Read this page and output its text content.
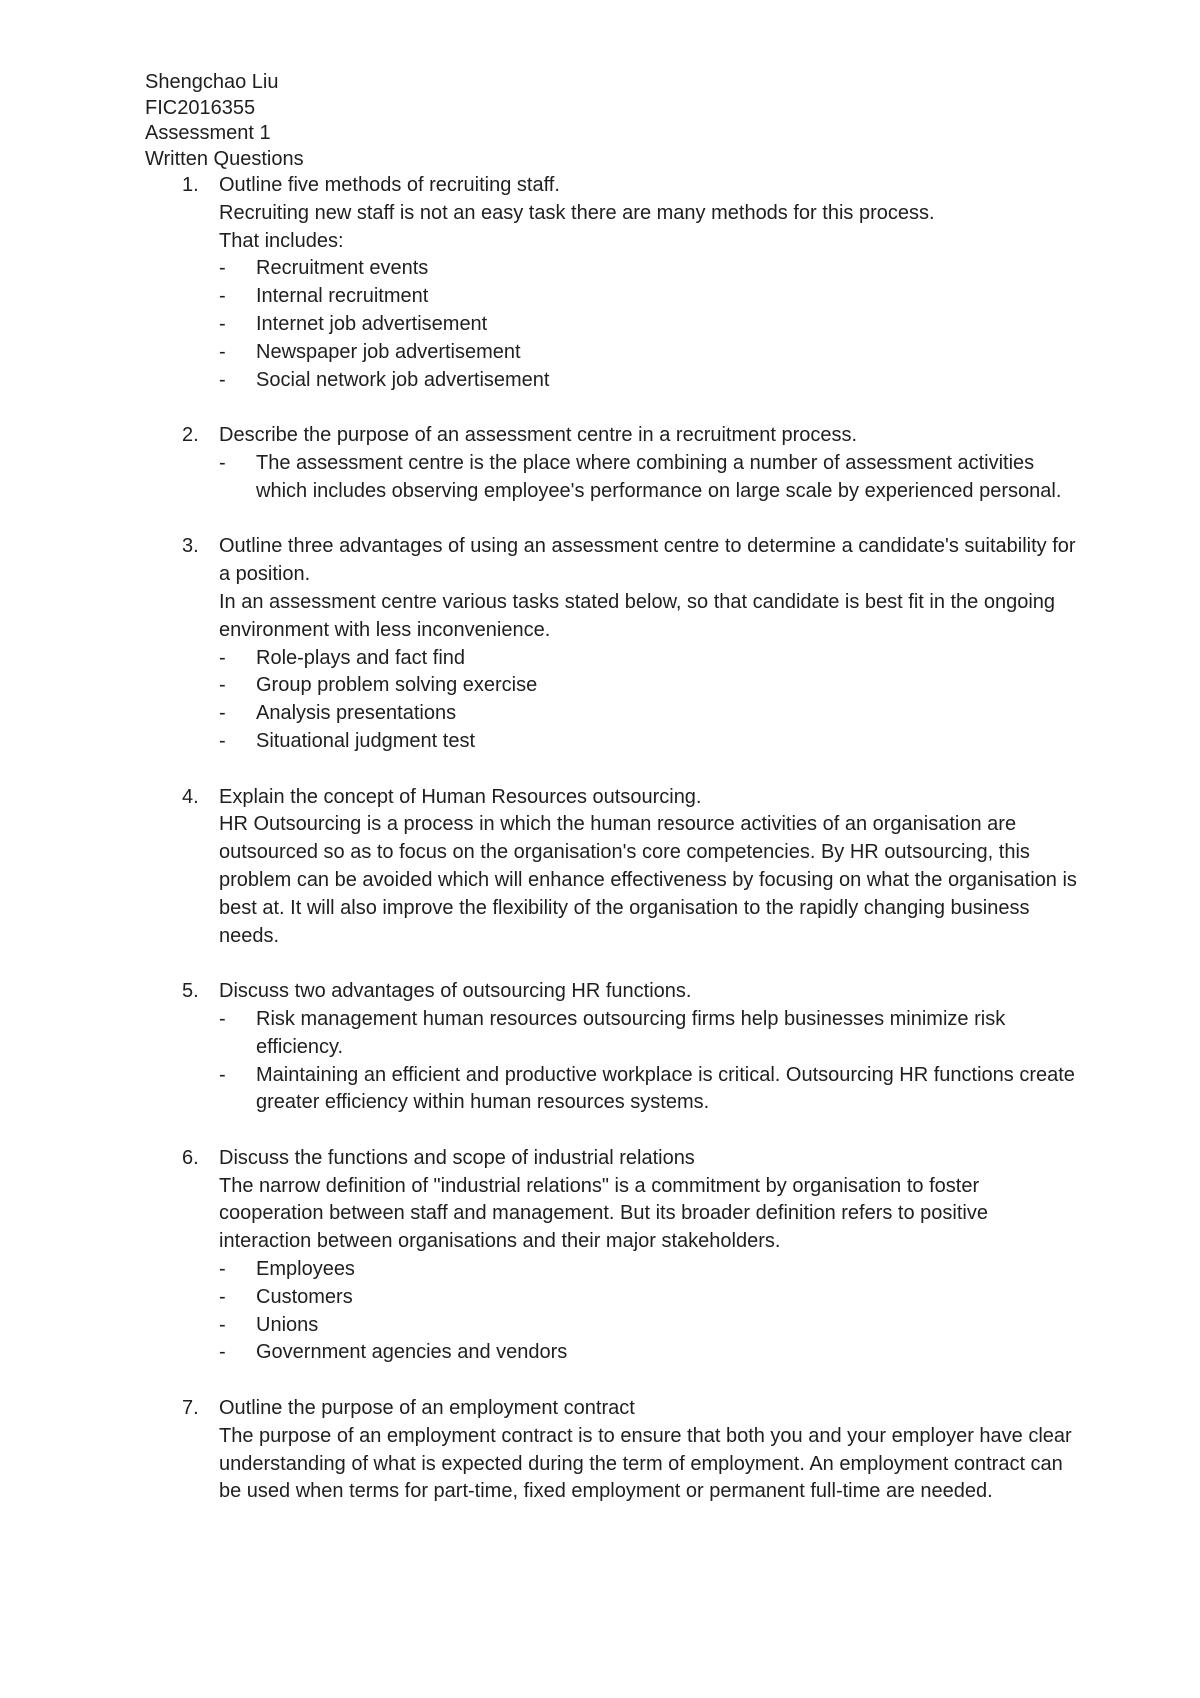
Shengchao Liu
FIC2016355
Assessment 1
Written Questions
1. Outline five methods of recruiting staff.
Recruiting new staff is not an easy task there are many methods for this process.
That includes:
- Recruitment events
- Internal recruitment
- Internet job advertisement
- Newspaper job advertisement
- Social network job advertisement
2. Describe the purpose of an assessment centre in a recruitment process.
- The assessment centre is the place where combining a number of assessment activities which includes observing employee's performance on large scale by experienced personal.
3. Outline three advantages of using an assessment centre to determine a candidate's suitability for a position.
In an assessment centre various tasks stated below, so that candidate is best fit in the ongoing environment with less inconvenience.
- Role-plays and fact find
- Group problem solving exercise
- Analysis presentations
- Situational judgment test
4. Explain the concept of Human Resources outsourcing.
HR Outsourcing is a process in which the human resource activities of an organisation are outsourced so as to focus on the organisation's core competencies. By HR outsourcing, this problem can be avoided which will enhance effectiveness by focusing on what the organisation is best at. It will also improve the flexibility of the organisation to the rapidly changing business needs.
5. Discuss two advantages of outsourcing HR functions.
- Risk management human resources outsourcing firms help businesses minimize risk efficiency.
- Maintaining an efficient and productive workplace is critical. Outsourcing HR functions create greater efficiency within human resources systems.
6. Discuss the functions and scope of industrial relations
The narrow definition of "industrial relations" is a commitment by organisation to foster cooperation between staff and management. But its broader definition refers to positive interaction between organisations and their major stakeholders.
- Employees
- Customers
- Unions
- Government agencies and vendors
7. Outline the purpose of an employment contract
The purpose of an employment contract is to ensure that both you and your employer have clear understanding of what is expected during the term of employment. An employment contract can be used when terms for part-time, fixed employment or permanent full-time are needed.
